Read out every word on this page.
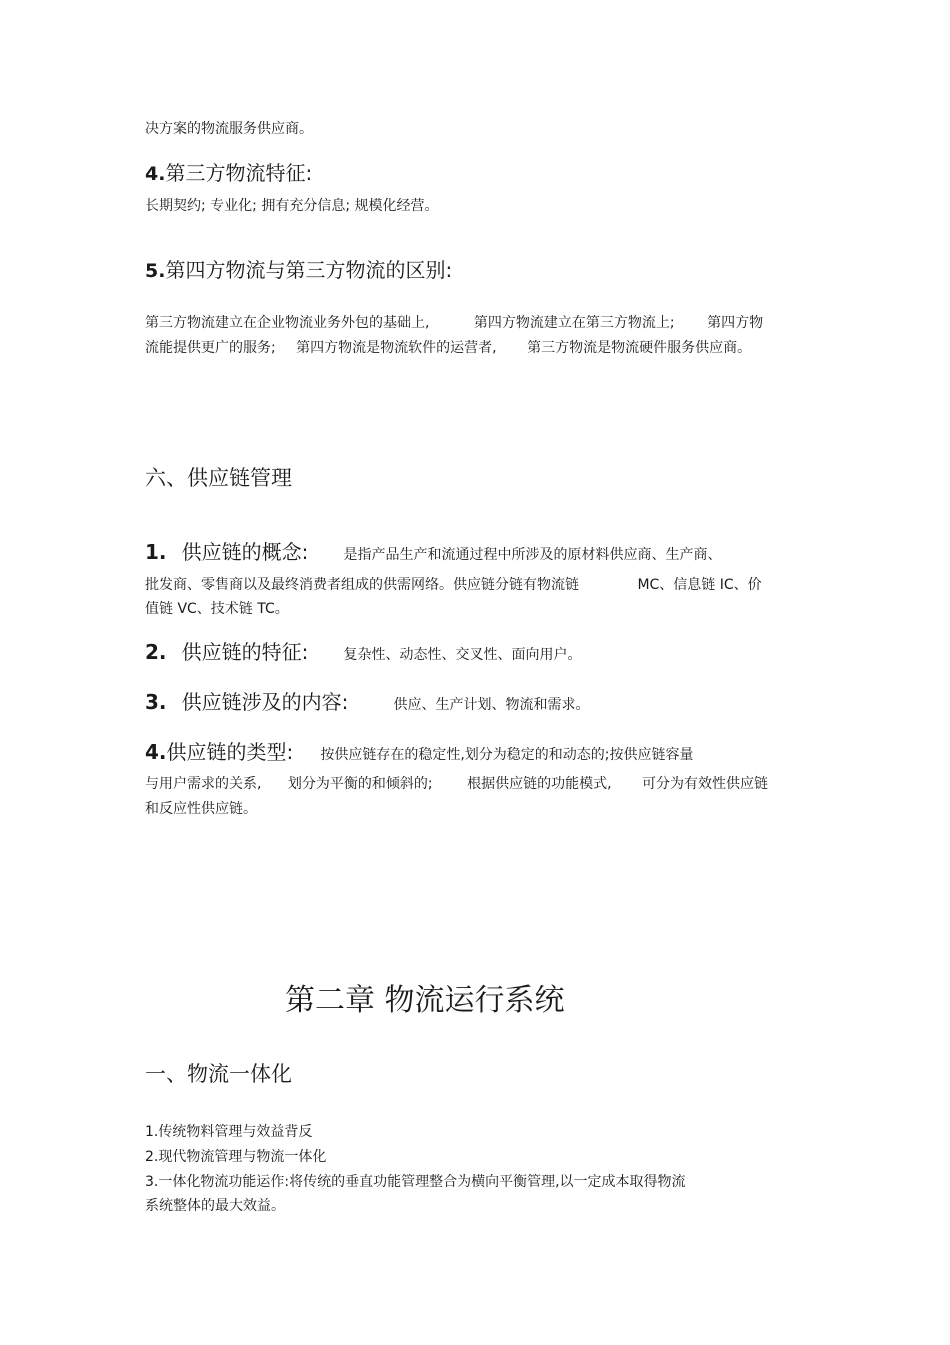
决方案的物流服务供应商。
4.第三方物流特征:
长期契约; 专业化; 拥有充分信息; 规模化经营。
5.第四方物流与第三方物流的区别:
第三方物流建立在企业物流业务外包的基础上,	第四方物流建立在第三方物流上; 第四方物
流能提供更广的服务; 第四方物流是物流软件的运营者, 第三方物流是物流硬件服务供应商。
六、供应链管理
1. 供应链的概念:	是指产品生产和流通过程中所涉及的原材料供应商、生产商、
批发商、零售商以及最终消费者组成的供需网络。供应链分链有物流链	MC、信息链 IC、价
值链 VC、技术链 TC。
2. 供应链的特征:	复杂性、动态性、交叉性、面向用户。
3. 供应链涉及的内容:	供应、生产计划、物流和需求。
4.供应链的类型: 按供应链存在的稳定性,划分为稳定的和动态的;按供应链容量
与用户需求的关系, 划分为平衡的和倾斜的; 根据供应链的功能模式, 可分为有效性供应链
和反应性供应链。
第二章 物流运行系统
一、物流一体化
1.传统物料管理与效益背反
2.现代物流管理与物流一体化
3.一体化物流功能运作:将传统的垂直功能管理整合为横向平衡管理,以一定成本取得物流
系统整体的最大效益。
